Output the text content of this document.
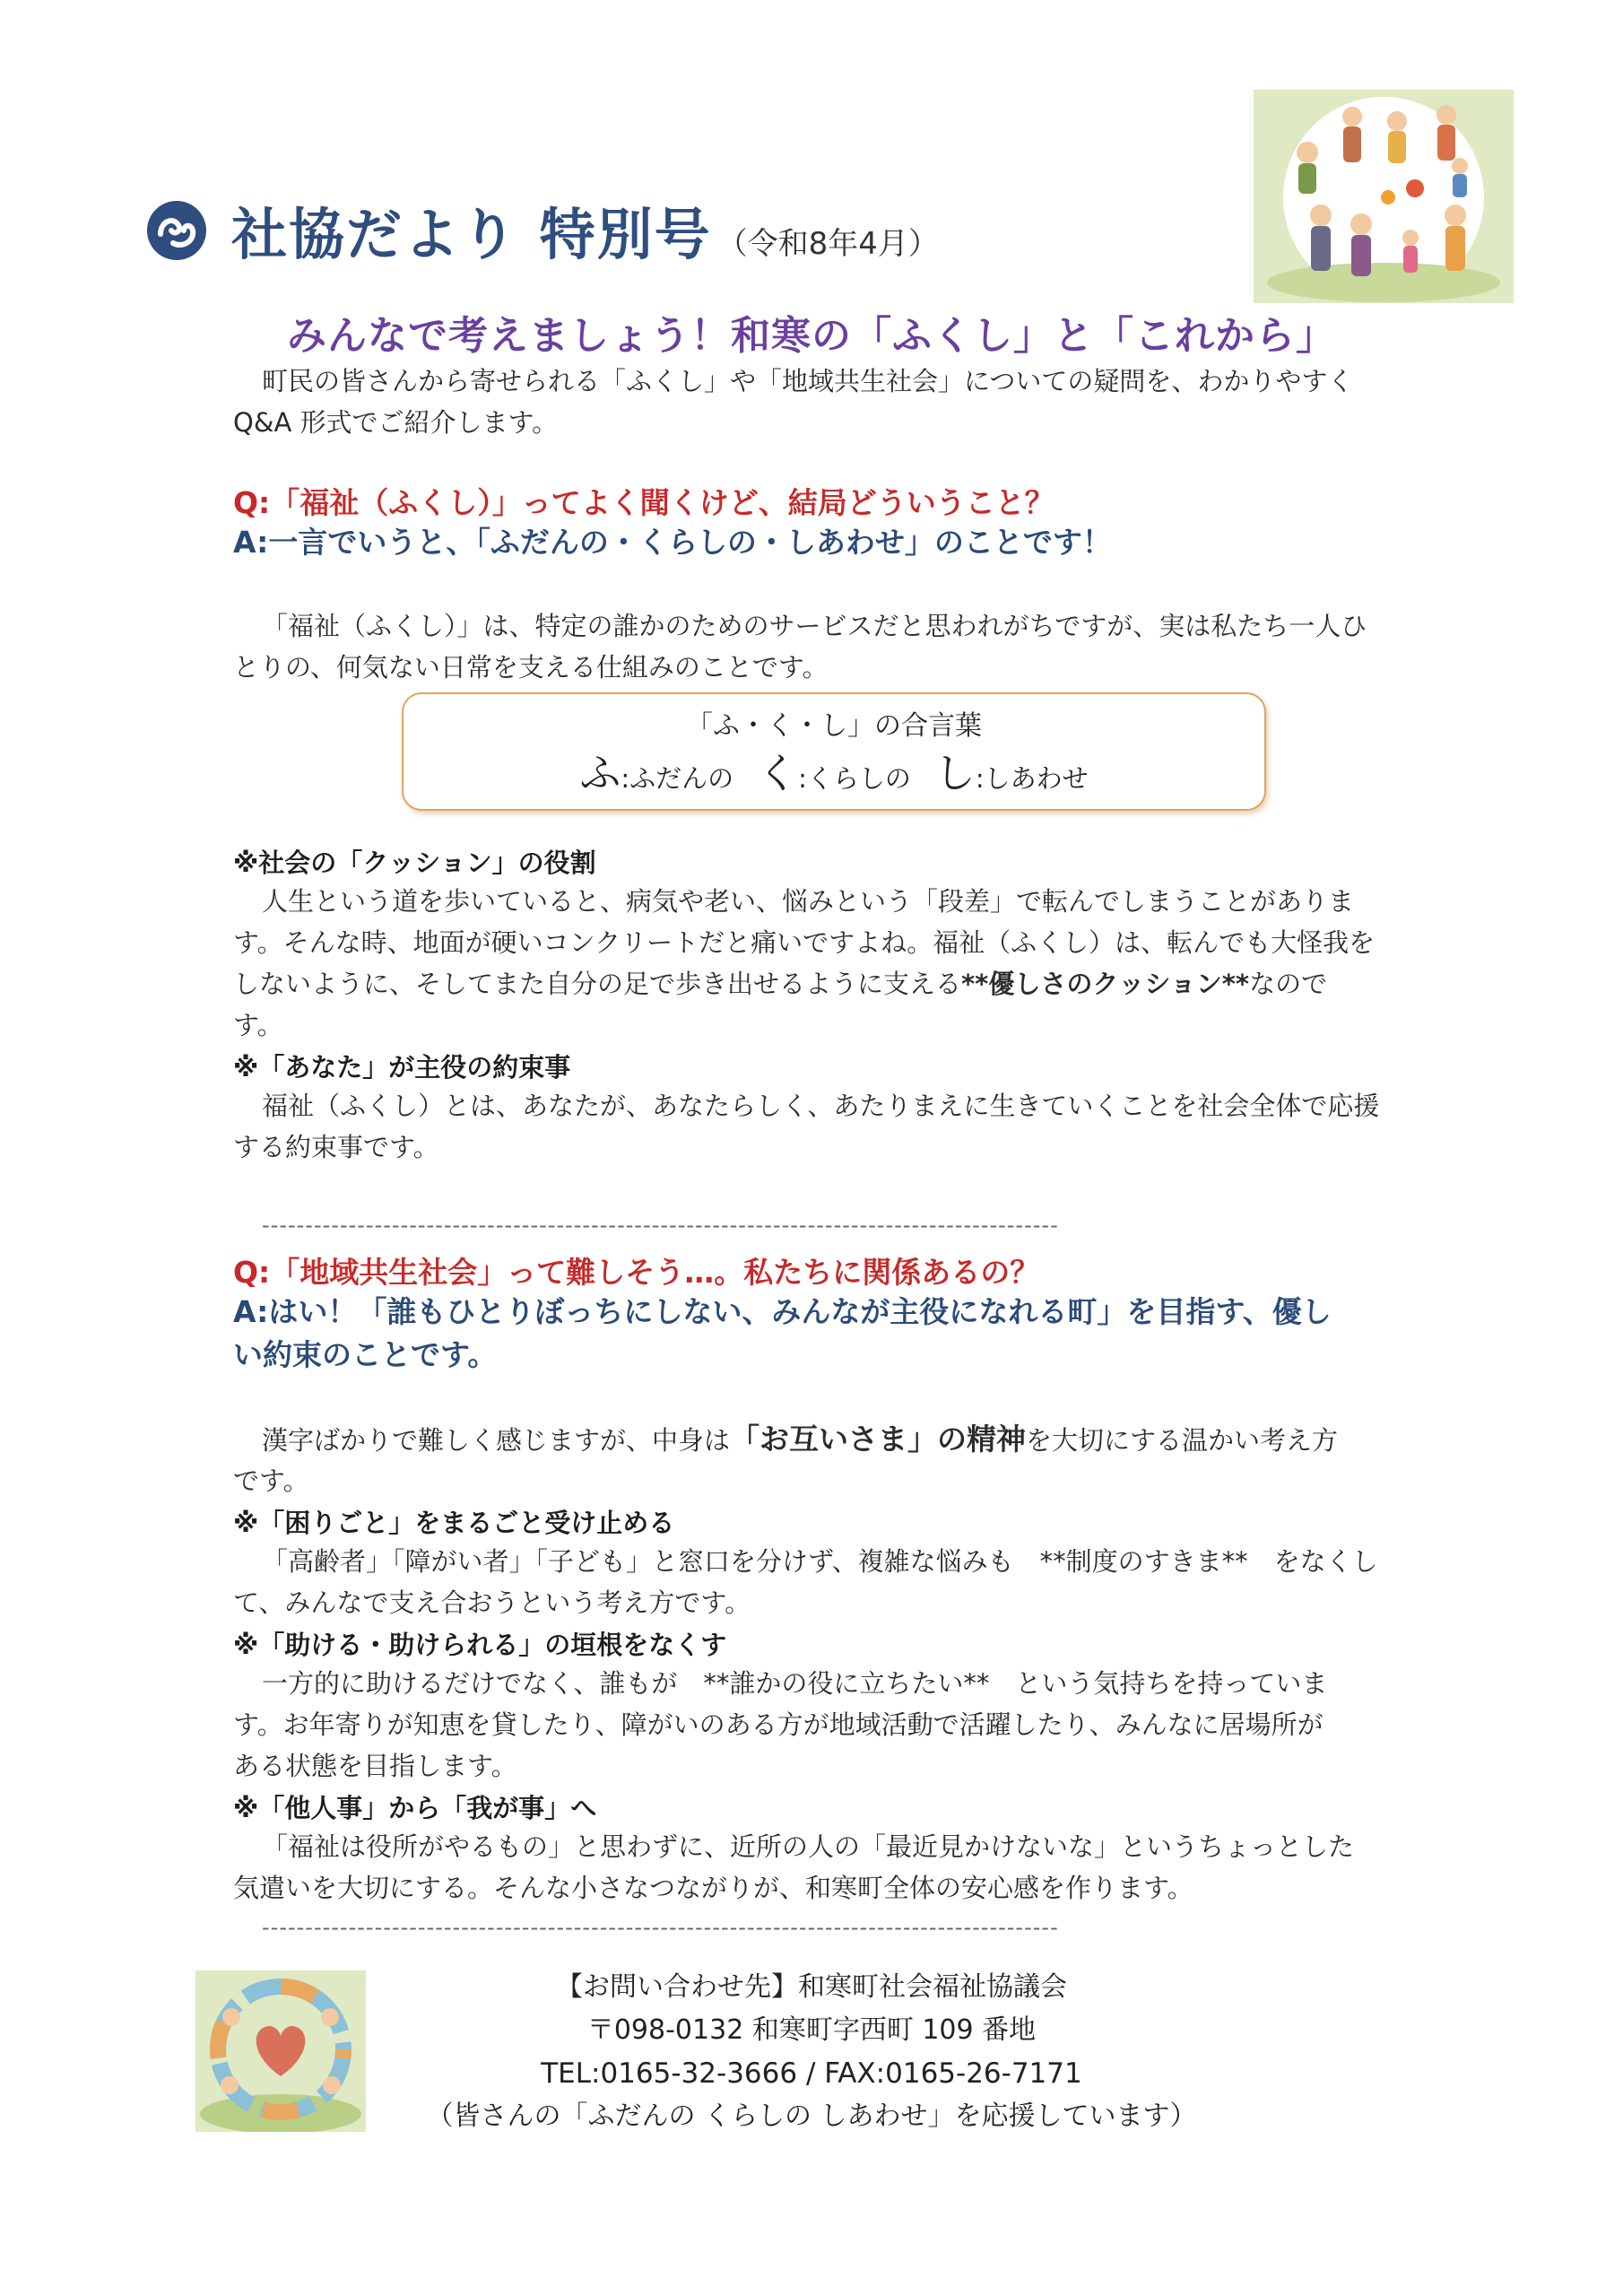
社協だより 特別号 （令和8年4月）
みんなで考えましょう！和寒の「ふくし」と「これから」
町民の皆さんから寄せられる「ふくし」や「地域共生社会」についての疑問を、わかりやすく
Q&A 形式でご紹介します。
Q:「福祉（ふくし）」ってよく聞くけど、結局どういうこと？
A:一言でいうと、「ふだんの・くらしの・しあわせ」のことです！
「福祉（ふくし）」は、特定の誰かのためのサービスだと思われがちですが、実は私たち一人ひ
とりの、何気ない日常を支える仕組みのことです。
「ふ・く・し」の合言葉
ふ:ふだんの く:くらしの し:しあわせ
※社会の「クッション」の役割
人生という道を歩いていると、病気や老い、悩みという「段差」で転んでしまうことがありま
す。そんな時、地面が硬いコンクリートだと痛いですよね。福祉（ふくし）は、転んでも大怪我を
しないように、そしてまた自分の足で歩き出せるように支える**優しさのクッション**なので
す。
※「あなた」が主役の約束事
福祉（ふくし）とは、あなたが、あなたらしく、あたりまえに生きていくことを社会全体で応援
する約束事です。
--------------------------------------------------------------------------------------------
Q:「地域共生社会」って難しそう…。私たちに関係あるの？
A:はい！「誰もひとりぼっちにしない、みんなが主役になれる町」を目指す、優し
い約束のことです。
漢字ばかりで難しく感じますが、中身は「お互いさま」の精神を大切にする温かい考え方
です。
※「困りごと」をまるごと受け止める
「高齢者」「障がい者」「子ども」と窓口を分けず、複雑な悩みも　**制度のすきま**　をなくし
て、みんなで支え合おうという考え方です。
※「助ける・助けられる」の垣根をなくす
一方的に助けるだけでなく、誰もが　**誰かの役に立ちたい**　という気持ちを持っていま
す。お年寄りが知恵を貸したり、障がいのある方が地域活動で活躍したり、みんなに居場所が
ある状態を目指します。
※「他人事」から「我が事」へ
「福祉は役所がやるもの」と思わずに、近所の人の「最近見かけないな」というちょっとした
気遣いを大切にする。そんな小さなつながりが、和寒町全体の安心感を作ります。
--------------------------------------------------------------------------------------------
【お問い合わせ先】和寒町社会福祉協議会
〒098-0132 和寒町字西町 109 番地
TEL:0165-32-3666 / FAX:0165-26-7171
（皆さんの「ふだんの くらしの しあわせ」を応援しています）
